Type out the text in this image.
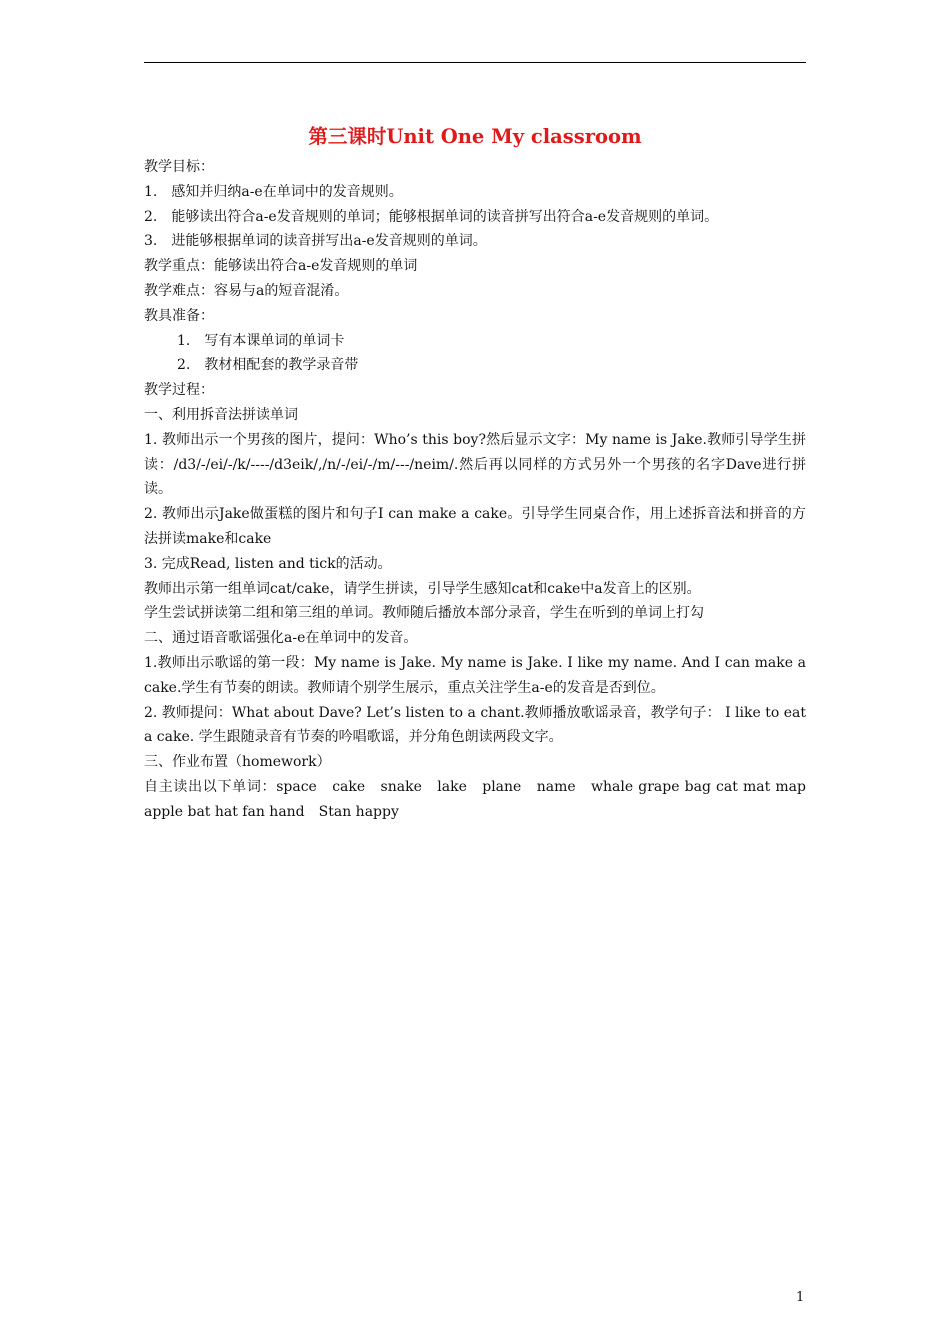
第三课时Unit One My classroom
教学目标：
1.　感知并归纳a-e在单词中的发音规则。
2.　能够读出符合a-e发音规则的单词；能够根据单词的读音拼写出符合a-e发音规则的单词。
3.　进能够根据单词的读音拼写出a-e发音规则的单词。
教学重点：能够读出符合a-e发音规则的单词
教学难点：容易与a的短音混淆。
教具准备：
1.　写有本课单词的单词卡
2.　教材相配套的教学录音带
教学过程：
一、利用拆音法拼读单词
1. 教师出示一个男孩的图片，提问：Who’s this boy?然后显示文字：My name is Jake.教师引导学生拼读：/d3/-/ei/-/k/----/d3eik/,/n/-/ei/-/m/---/neim/.然后再以同样的方式另外一个男孩的名字Dave进行拼读。
2. 教师出示Jake做蛋糕的图片和句子I can make a cake。引导学生同桌合作，用上述拆音法和拼音的方法拼读make和cake
3. 完成Read, listen and tick的活动。
教师出示第一组单词cat/cake，请学生拼读，引导学生感知cat和cake中a发音上的区别。
学生尝试拼读第二组和第三组的单词。教师随后播放本部分录音，学生在听到的单词上打勾
二、通过语音歌谣强化a-e在单词中的发音。
1.教师出示歌谣的第一段：My name is Jake. My name is Jake. I like my name. And I can make a cake.学生有节奏的朗读。教师请个别学生展示，重点关注学生a-e的发音是否到位。
2. 教师提问：What about Dave? Let’s listen to a chant.教师播放歌谣录音，教学句子： I like to eat a cake. 学生跟随录音有节奏的吟唱歌谣，并分角色朗读两段文字。
三、作业布置（homework）
自主读出以下单词：space　cake　snake　lake　plane　name　whale grape bag cat mat map apple bat hat fan hand　Stan happy
1
